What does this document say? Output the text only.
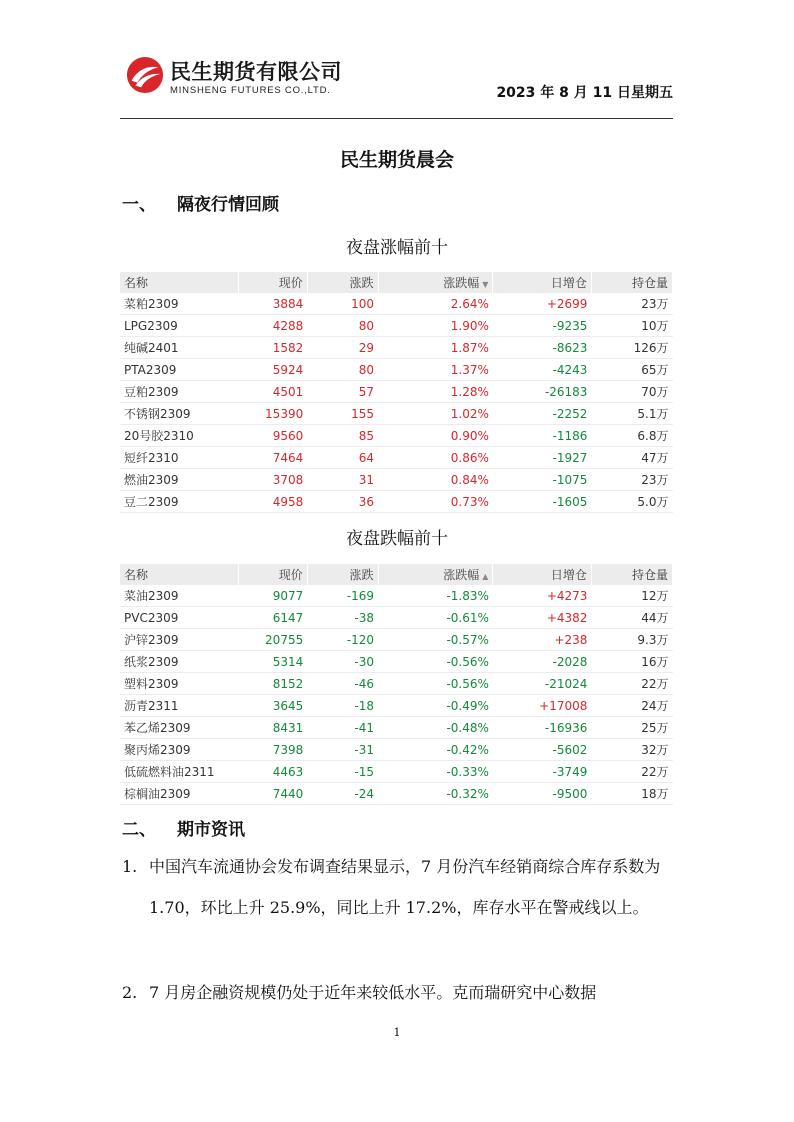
民生期货有限公司
MINSHENG FUTURES CO.,LTD.	2023 年 8 月 11 日星期五
民生期货晨会
一、 隔夜行情回顾
夜盘涨幅前十
名称	现价	涨跌	涨跌幅 ▼	日增仓	持仓量
菜粕2309	3884	100	2.64%	+2699	23万
LPG2309	4288	80	1.90%	-9235	10万
纯碱2401	1582	29	1.87%	-8623	126万
PTA2309	5924	80	1.37%	-4243	65万
豆粕2309	4501	57	1.28%	-26183	70万
不锈钢2309	15390	155	1.02%	-2252	5.1万
20号胶2310	9560	85	0.90%	-1186	6.8万
短纤2310	7464	64	0.86%	-1927	47万
燃油2309	3708	31	0.84%	-1075	23万
豆二2309	4958	36	0.73%	-1605	5.0万
夜盘跌幅前十
名称	现价	涨跌	涨跌幅 ▲	日增仓	持仓量
菜油2309	9077	-169	-1.83%	+4273	12万
PVC2309	6147	-38	-0.61%	+4382	44万
沪锌2309	20755	-120	-0.57%	+238	9.3万
纸浆2309	5314	-30	-0.56%	-2028	16万
塑料2309	8152	-46	-0.56%	-21024	22万
沥青2311	3645	-18	-0.49%	+17008	24万
苯乙烯2309	8431	-41	-0.48%	-16936	25万
聚丙烯2309	7398	-31	-0.42%	-5602	32万
低硫燃料油2311	4463	-15	-0.33%	-3749	22万
棕榈油2309	7440	-24	-0.32%	-9500	18万
二、 期市资讯
1. 中国汽车流通协会发布调查结果显示，7 月份汽车经销商综合库存系数为 1.70，环比上升 25.9%，同比上升 17.2%，库存水平在警戒线以上。
2. 7 月房企融资规模仍处于近年来较低水平。克而瑞研究中心数据
1
